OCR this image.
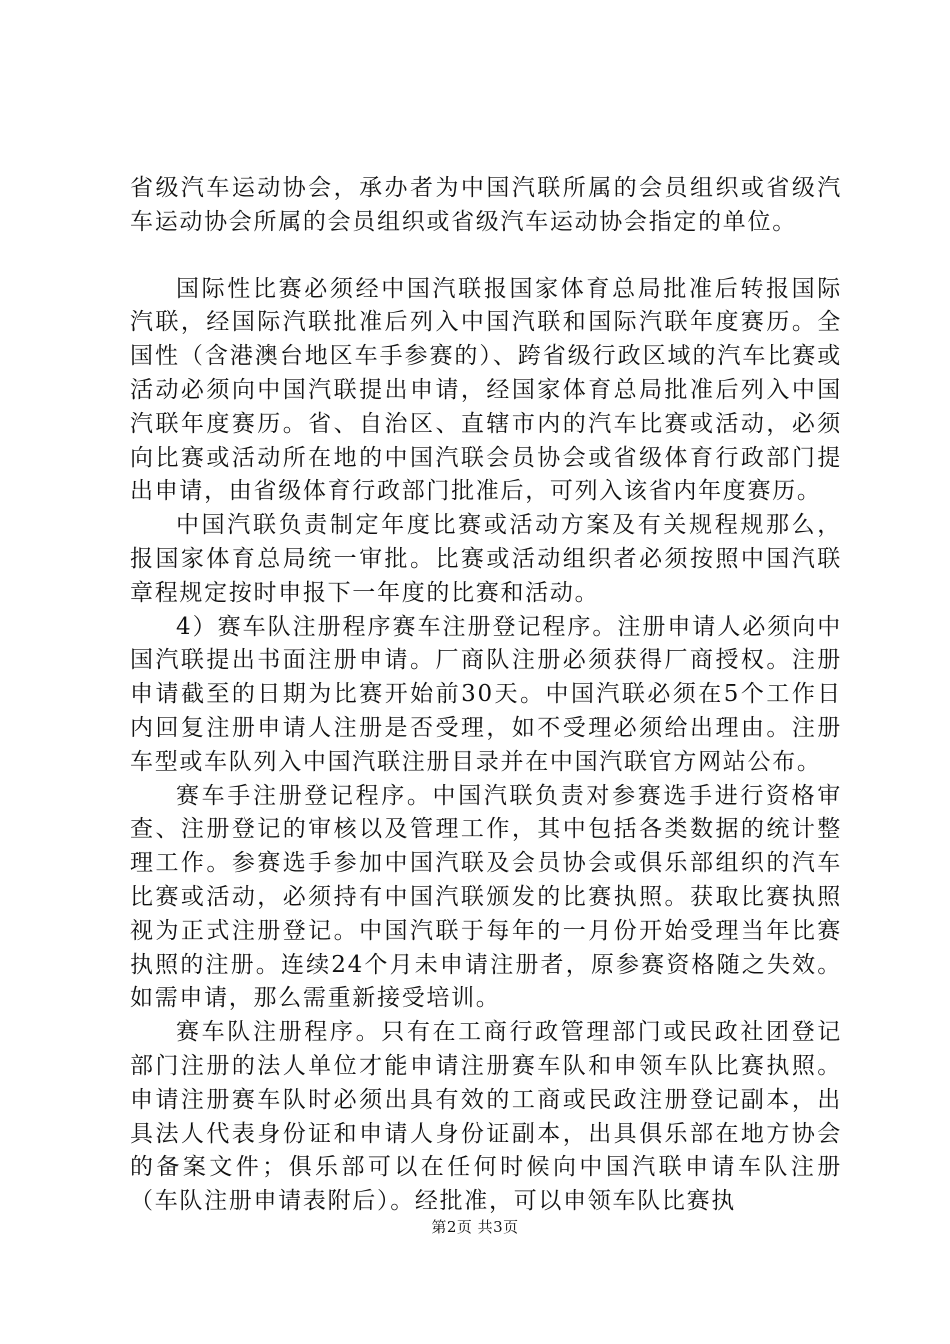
省级汽车运动协会，承办者为中国汽联所属的会员组织或省级汽车运动协会所属的会员组织或省级汽车运动协会指定的单位。

国际性比赛必须经中国汽联报国家体育总局批准后转报国际汽联，经国际汽联批准后列入中国汽联和国际汽联年度赛历。全国性（含港澳台地区车手参赛的）、跨省级行政区域的汽车比赛或活动必须向中国汽联提出申请，经国家体育总局批准后列入中国汽联年度赛历。省、自治区、直辖市内的汽车比赛或活动，必须向比赛或活动所在地的中国汽联会员协会或省级体育行政部门提出申请，由省级体育行政部门批准后，可列入该省内年度赛历。

中国汽联负责制定年度比赛或活动方案及有关规程规那么，报国家体育总局统一审批。比赛或活动组织者必须按照中国汽联章程规定按时申报下一年度的比赛和活动。

4）赛车队注册程序赛车注册登记程序。注册申请人必须向中国汽联提出书面注册申请。厂商队注册必须获得厂商授权。注册申请截至的日期为比赛开始前30天。中国汽联必须在5个工作日内回复注册申请人注册是否受理，如不受理必须给出理由。注册车型或车队列入中国汽联注册目录并在中国汽联官方网站公布。

赛车手注册登记程序。中国汽联负责对参赛选手进行资格审查、注册登记的审核以及管理工作，其中包括各类数据的统计整理工作。参赛选手参加中国汽联及会员协会或俱乐部组织的汽车比赛或活动，必须持有中国汽联颁发的比赛执照。获取比赛执照视为正式注册登记。中国汽联于每年的一月份开始受理当年比赛执照的注册。连续24个月未申请注册者，原参赛资格随之失效。如需申请，那么需重新接受培训。

赛车队注册程序。只有在工商行政管理部门或民政社团登记部门注册的法人单位才能申请注册赛车队和申领车队比赛执照。申请注册赛车队时必须出具有效的工商或民政注册登记副本，出具法人代表身份证和申请人身份证副本，出具俱乐部在地方协会的备案文件；俱乐部可以在任何时候向中国汽联申请车队注册（车队注册申请表附后）。经批准，可以申领车队比赛执

第2页 共3页
